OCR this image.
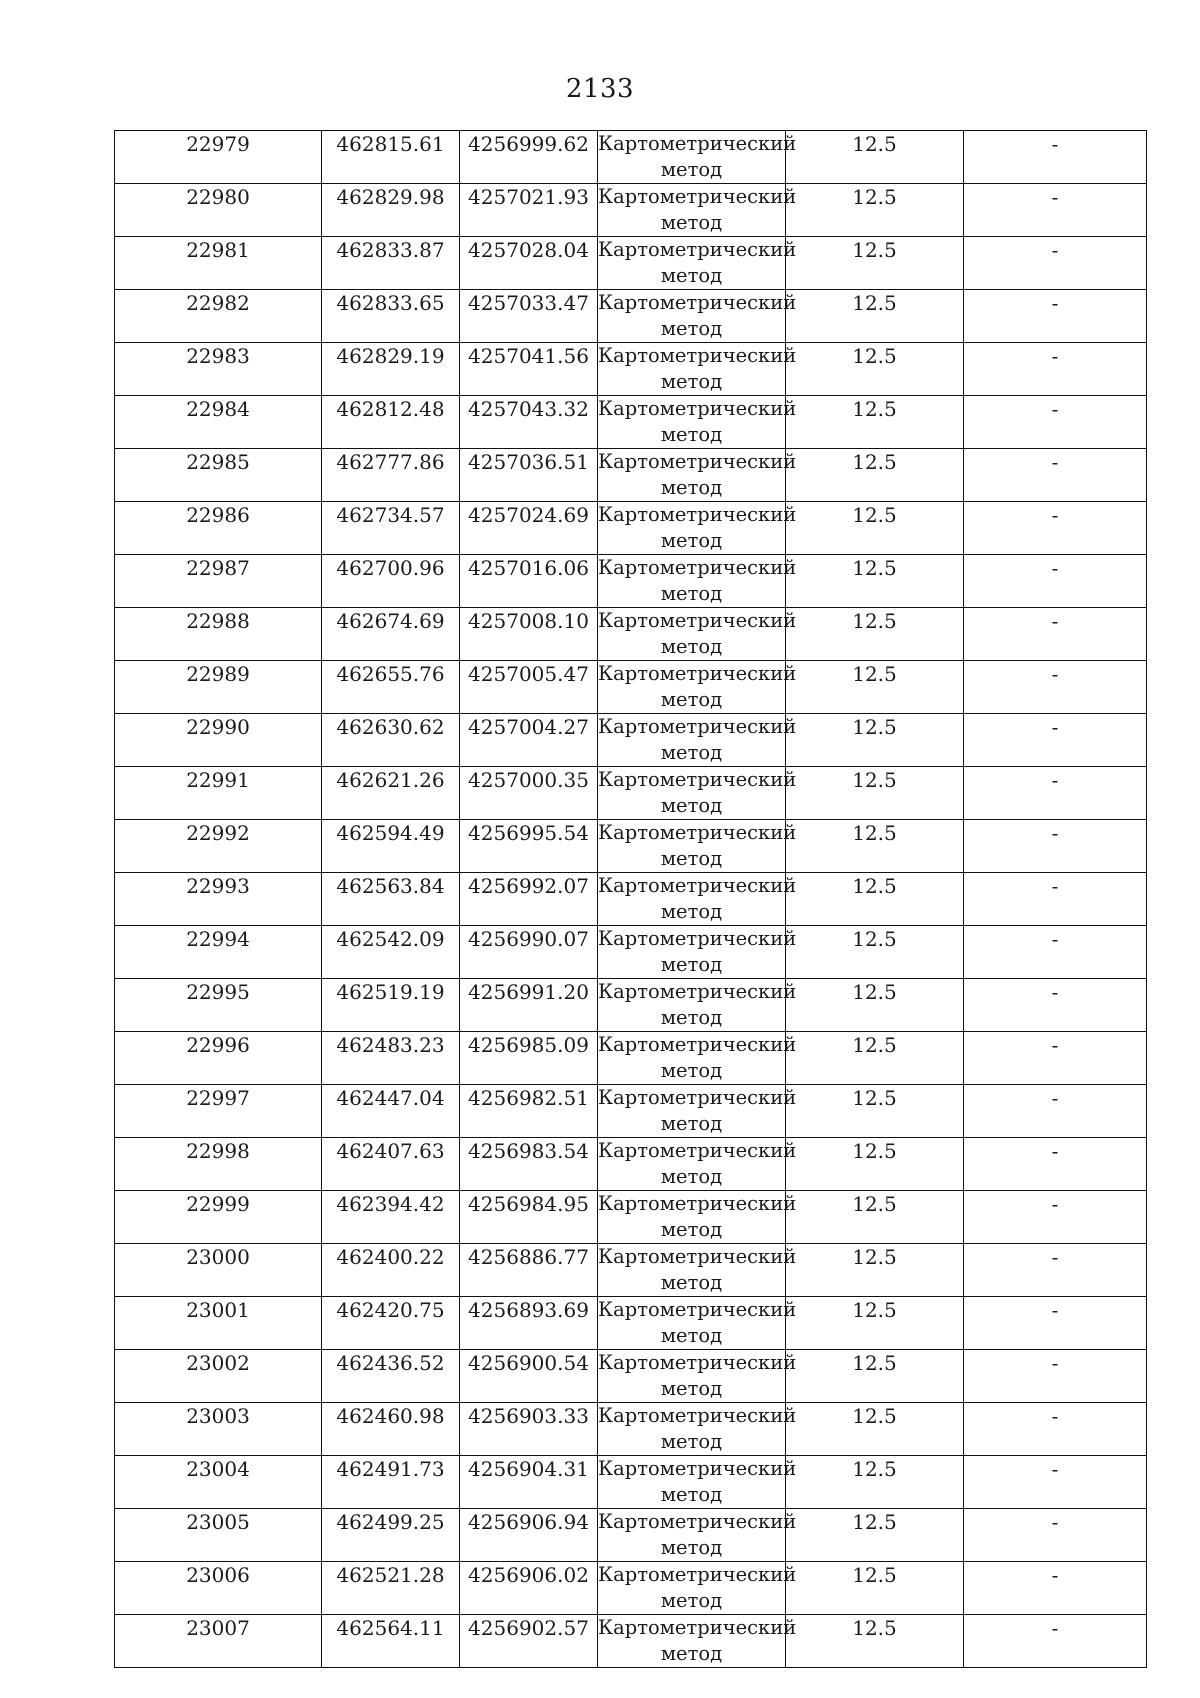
2133
22979	462815.61	4256999.62	Картометрический метод	12.5	-
22980	462829.98	4257021.93	Картометрический метод	12.5	-
22981	462833.87	4257028.04	Картометрический метод	12.5	-
22982	462833.65	4257033.47	Картометрический метод	12.5	-
22983	462829.19	4257041.56	Картометрический метод	12.5	-
22984	462812.48	4257043.32	Картометрический метод	12.5	-
22985	462777.86	4257036.51	Картометрический метод	12.5	-
22986	462734.57	4257024.69	Картометрический метод	12.5	-
22987	462700.96	4257016.06	Картометрический метод	12.5	-
22988	462674.69	4257008.10	Картометрический метод	12.5	-
22989	462655.76	4257005.47	Картометрический метод	12.5	-
22990	462630.62	4257004.27	Картометрический метод	12.5	-
22991	462621.26	4257000.35	Картометрический метод	12.5	-
22992	462594.49	4256995.54	Картометрический метод	12.5	-
22993	462563.84	4256992.07	Картометрический метод	12.5	-
22994	462542.09	4256990.07	Картометрический метод	12.5	-
22995	462519.19	4256991.20	Картометрический метод	12.5	-
22996	462483.23	4256985.09	Картометрический метод	12.5	-
22997	462447.04	4256982.51	Картометрический метод	12.5	-
22998	462407.63	4256983.54	Картометрический метод	12.5	-
22999	462394.42	4256984.95	Картометрический метод	12.5	-
23000	462400.22	4256886.77	Картометрический метод	12.5	-
23001	462420.75	4256893.69	Картометрический метод	12.5	-
23002	462436.52	4256900.54	Картометрический метод	12.5	-
23003	462460.98	4256903.33	Картометрический метод	12.5	-
23004	462491.73	4256904.31	Картометрический метод	12.5	-
23005	462499.25	4256906.94	Картометрический метод	12.5	-
23006	462521.28	4256906.02	Картометрический метод	12.5	-
23007	462564.11	4256902.57	Картометрический метод	12.5	-
